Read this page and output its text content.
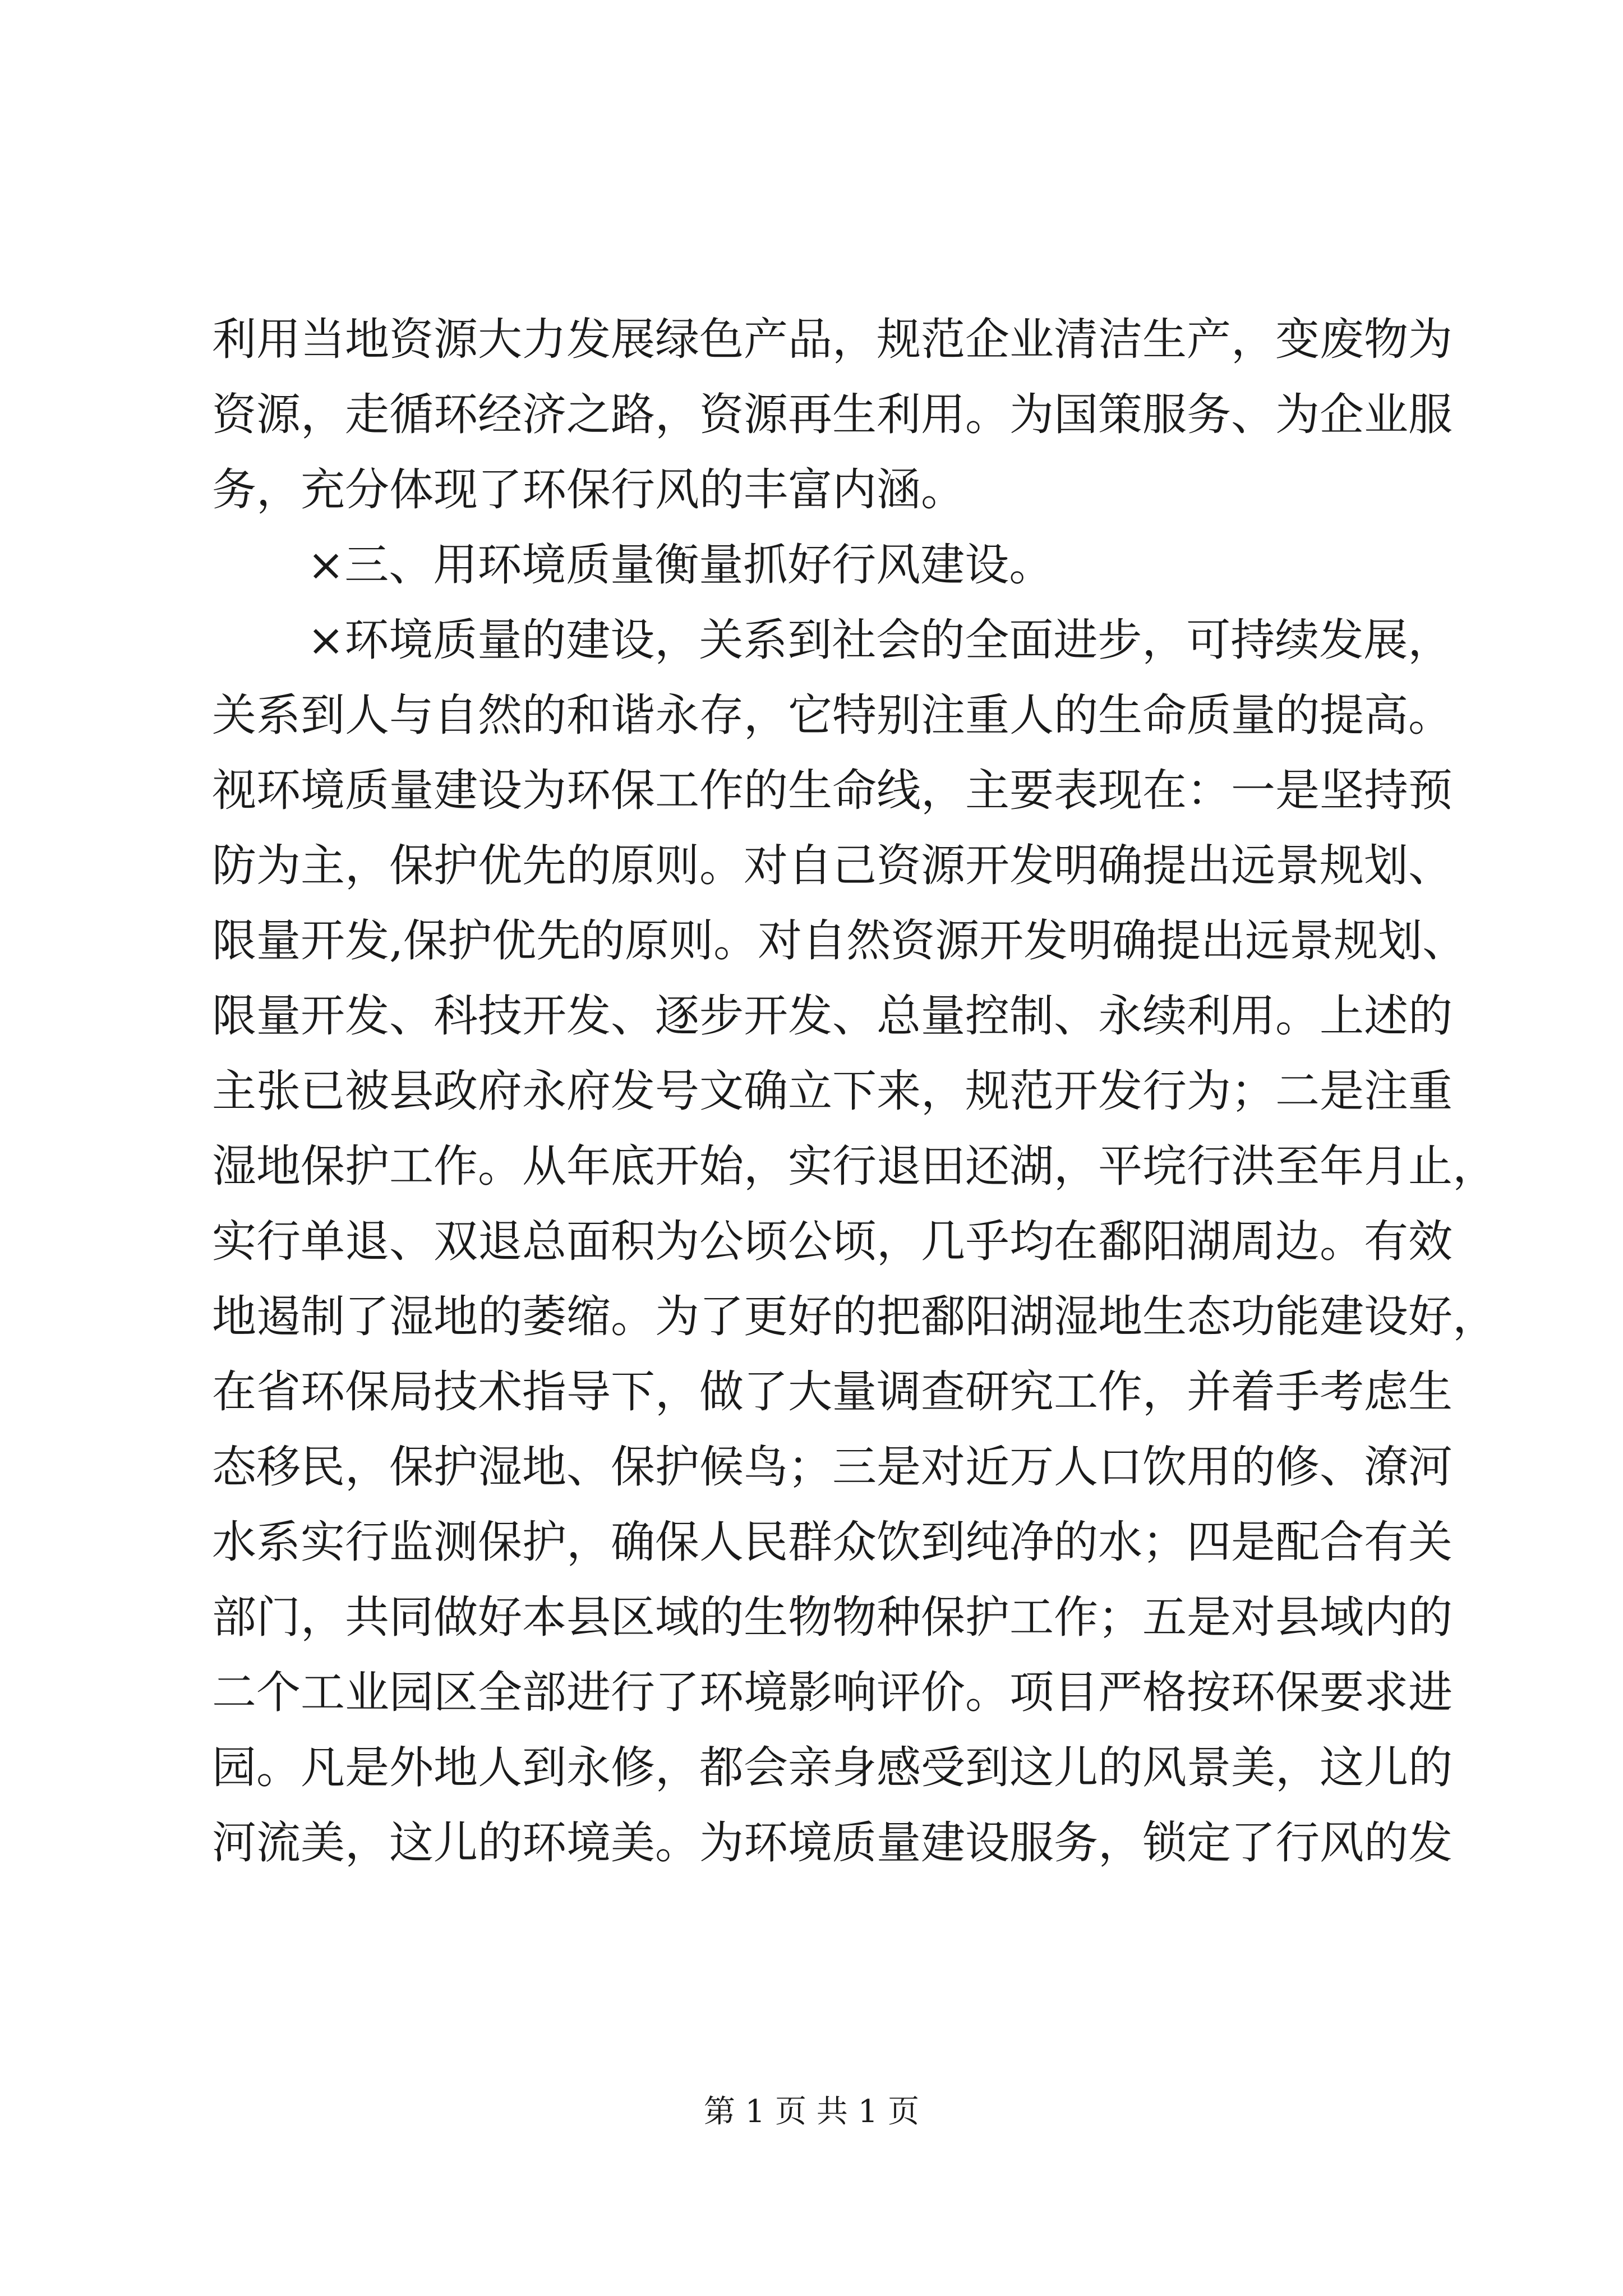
利用当地资源大力发展绿色产品，规范企业清洁生产，变废物为
资源，走循环经济之路，资源再生利用。为国策服务、为企业服
务，充分体现了环保行风的丰富内涵。
×三、用环境质量衡量抓好行风建设。
×环境质量的建设，关系到社会的全面进步，可持续发展，
关系到人与自然的和谐永存，它特别注重人的生命质量的提高。
视环境质量建设为环保工作的生命线，主要表现在：一是坚持预
防为主，保护优先的原则。对自己资源开发明确提出远景规划、
限量开发,保护优先的原则。对自然资源开发明确提出远景规划、
限量开发、科技开发、逐步开发、总量控制、永续利用。上述的
主张已被县政府永府发号文确立下来，规范开发行为；二是注重
湿地保护工作。从年底开始，实行退田还湖，平垸行洪至年月止，
实行单退、双退总面积为公顷公顷，几乎均在鄱阳湖周边。有效
地遏制了湿地的萎缩。为了更好的把鄱阳湖湿地生态功能建设好，
在省环保局技术指导下，做了大量调查研究工作，并着手考虑生
态移民，保护湿地、保护候鸟；三是对近万人口饮用的修、潦河
水系实行监测保护，确保人民群众饮到纯净的水；四是配合有关
部门，共同做好本县区域的生物物种保护工作；五是对县域内的
二个工业园区全部进行了环境影响评价。项目严格按环保要求进
园。凡是外地人到永修，都会亲身感受到这儿的风景美，这儿的
河流美，这儿的环境美。为环境质量建设服务，锁定了行风的发
第 1 页 共 1 页
